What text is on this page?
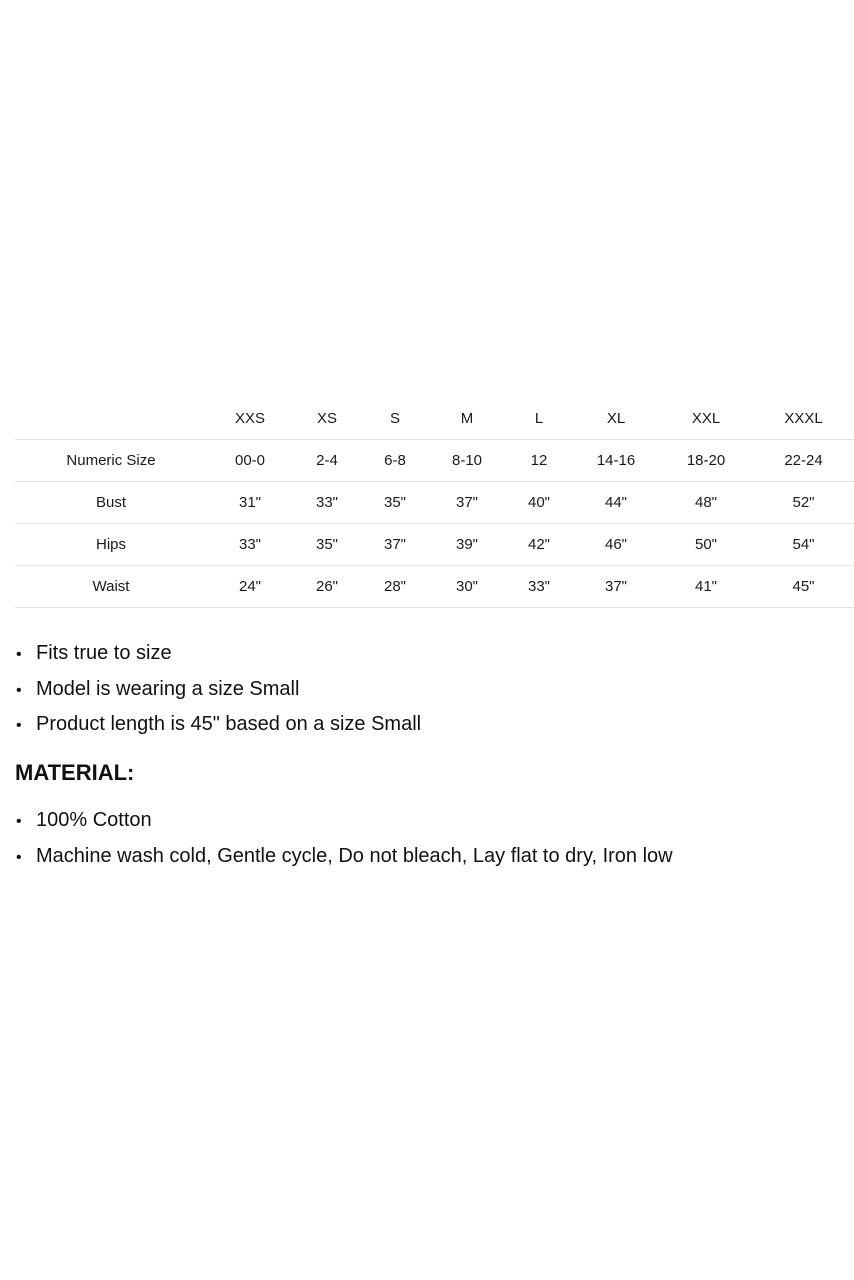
	XXS	XS	S	M	L	XL	XXL	XXXL
Numeric Size	00-0	2-4	6-8	8-10	12	14-16	18-20	22-24
Bust	31"	33"	35"	37"	40"	44"	48"	52"
Hips	33"	35"	37"	39"	42"	46"	50"	54"
Waist	24"	26"	28"	30"	33"	37"	41"	45"
• Fits true to size
• Model is wearing a size Small
• Product length is 45" based on a size Small
MATERIAL:
• 100% Cotton
• Machine wash cold, Gentle cycle, Do not bleach, Lay flat to dry, Iron low
